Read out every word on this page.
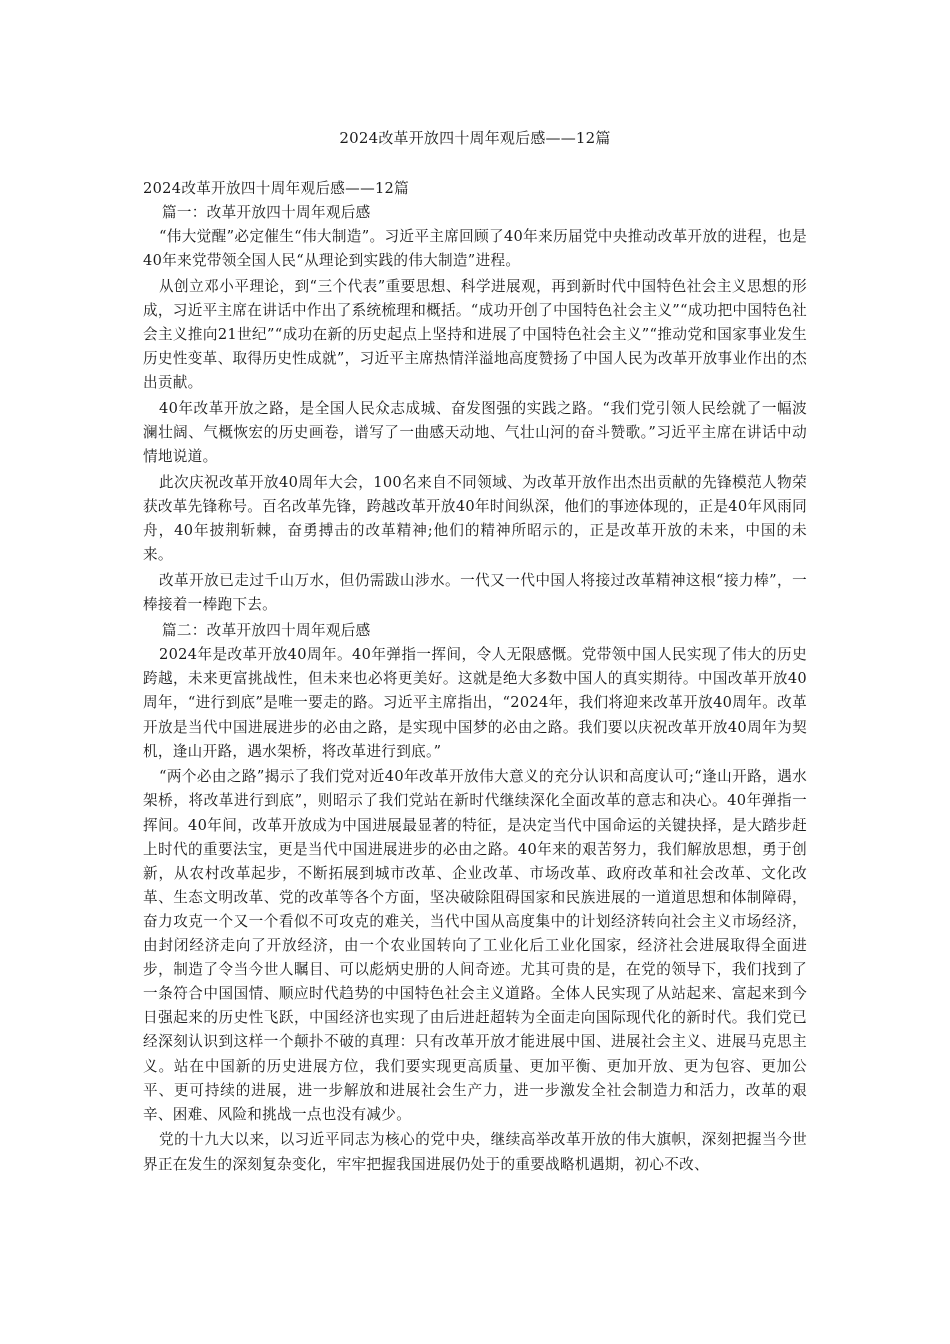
2024改革开放四十周年观后感——12篇

2024改革开放四十周年观后感——12篇

篇一：改革开放四十周年观后感

“伟大觉醒”必定催生“伟大制造”。习近平主席回顾了40年来历届党中央推动改革开放的进程，也是40年来党带领全国人民“从理论到实践的伟大制造”进程。

从创立邓小平理论，到“三个代表”重要思想、科学进展观，再到新时代中国特色社会主义思想的形成，习近平主席在讲话中作出了系统梳理和概括。“成功开创了中国特色社会主义”“成功把中国特色社会主义推向21世纪”“成功在新的历史起点上坚持和进展了中国特色社会主义”“推动党和国家事业发生历史性变革、取得历史性成就”，习近平主席热情洋溢地高度赞扬了中国人民为改革开放事业作出的杰出贡献。

40年改革开放之路，是全国人民众志成城、奋发图强的实践之路。“我们党引领人民绘就了一幅波澜壮阔、气概恢宏的历史画卷，谱写了一曲感天动地、气壮山河的奋斗赞歌。”习近平主席在讲话中动情地说道。

此次庆祝改革开放40周年大会，100名来自不同领域、为改革开放作出杰出贡献的先锋模范人物荣获改革先锋称号。百名改革先锋，跨越改革开放40年时间纵深，他们的事迹体现的，正是40年风雨同舟，40年披荆斩棘，奋勇搏击的改革精神;他们的精神所昭示的，正是改革开放的未来，中国的未来。

改革开放已走过千山万水，但仍需跋山涉水。一代又一代中国人将接过改革精神这根“接力棒”，一棒接着一棒跑下去。

篇二：改革开放四十周年观后感

2024年是改革开放40周年。40年弹指一挥间，令人无限感慨。党带领中国人民实现了伟大的历史跨越，未来更富挑战性，但未来也必将更美好。这就是绝大多数中国人的真实期待。中国改革开放40周年，“进行到底”是唯一要走的路。习近平主席指出，“2024年，我们将迎来改革开放40周年。改革开放是当代中国进展进步的必由之路，是实现中国梦的必由之路。我们要以庆祝改革开放40周年为契机，逢山开路，遇水架桥，将改革进行到底。”

“两个必由之路”揭示了我们党对近40年改革开放伟大意义的充分认识和高度认可;“逢山开路，遇水架桥，将改革进行到底”，则昭示了我们党站在新时代继续深化全面改革的意志和决心。40年弹指一挥间。40年间，改革开放成为中国进展最显著的特征，是决定当代中国命运的关键抉择，是大踏步赶上时代的重要法宝，更是当代中国进展进步的必由之路。40年来的艰苦努力，我们解放思想，勇于创新，从农村改革起步，不断拓展到城市改革、企业改革、市场改革、政府改革和社会改革、文化改革、生态文明改革、党的改革等各个方面，坚决破除阻碍国家和民族进展的一道道思想和体制障碍，奋力攻克一个又一个看似不可攻克的难关，当代中国从高度集中的计划经济转向社会主义市场经济，由封闭经济走向了开放经济，由一个农业国转向了工业化后工业化国家，经济社会进展取得全面进步，制造了令当今世人瞩目、可以彪炳史册的人间奇迹。尤其可贵的是，在党的领导下，我们找到了一条符合中国国情、顺应时代趋势的中国特色社会主义道路。全体人民实现了从站起来、富起来到今日强起来的历史性飞跃，中国经济也实现了由后进赶超转为全面走向国际现代化的新时代。我们党已经深刻认识到这样一个颠扑不破的真理：只有改革开放才能进展中国、进展社会主义、进展马克思主义。站在中国新的历史进展方位，我们要实现更高质量、更加平衡、更加开放、更为包容、更加公平、更可持续的进展，进一步解放和进展社会生产力，进一步激发全社会制造力和活力，改革的艰辛、困难、风险和挑战一点也没有减少。

党的十九大以来，以习近平同志为核心的党中央，继续高举改革开放的伟大旗帜，深刻把握当今世界正在发生的深刻复杂变化，牢牢把握我国进展仍处于的重要战略机遇期，初心不改、
